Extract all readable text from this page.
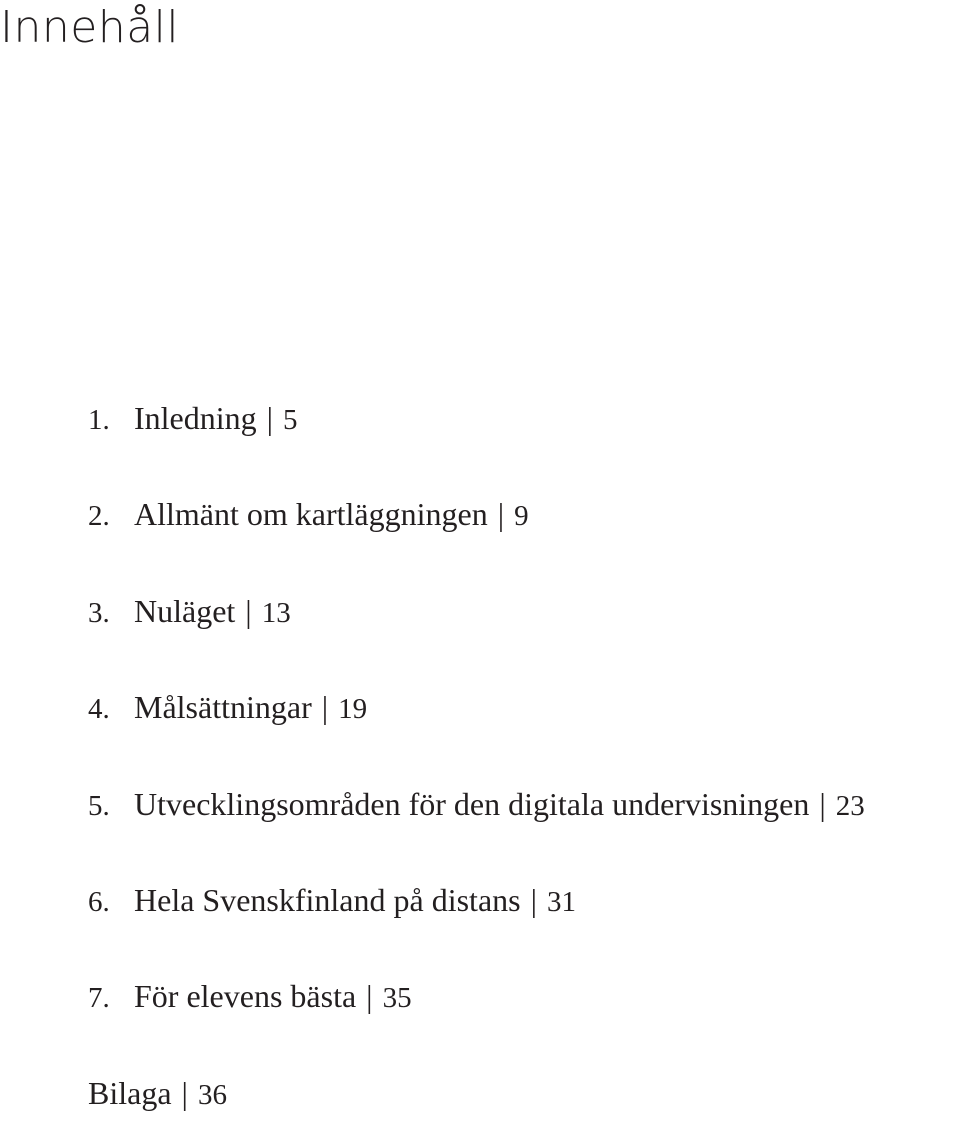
Innehåll
1. Inledning | 5
2. Allmänt om kartläggningen | 9
3. Nuläget | 13
4. Målsättningar | 19
5. Utvecklingsområden för den digitala undervisningen | 23
6. Hela Svenskfinland på distans | 31
7. För elevens bästa | 35
Bilaga | 36
